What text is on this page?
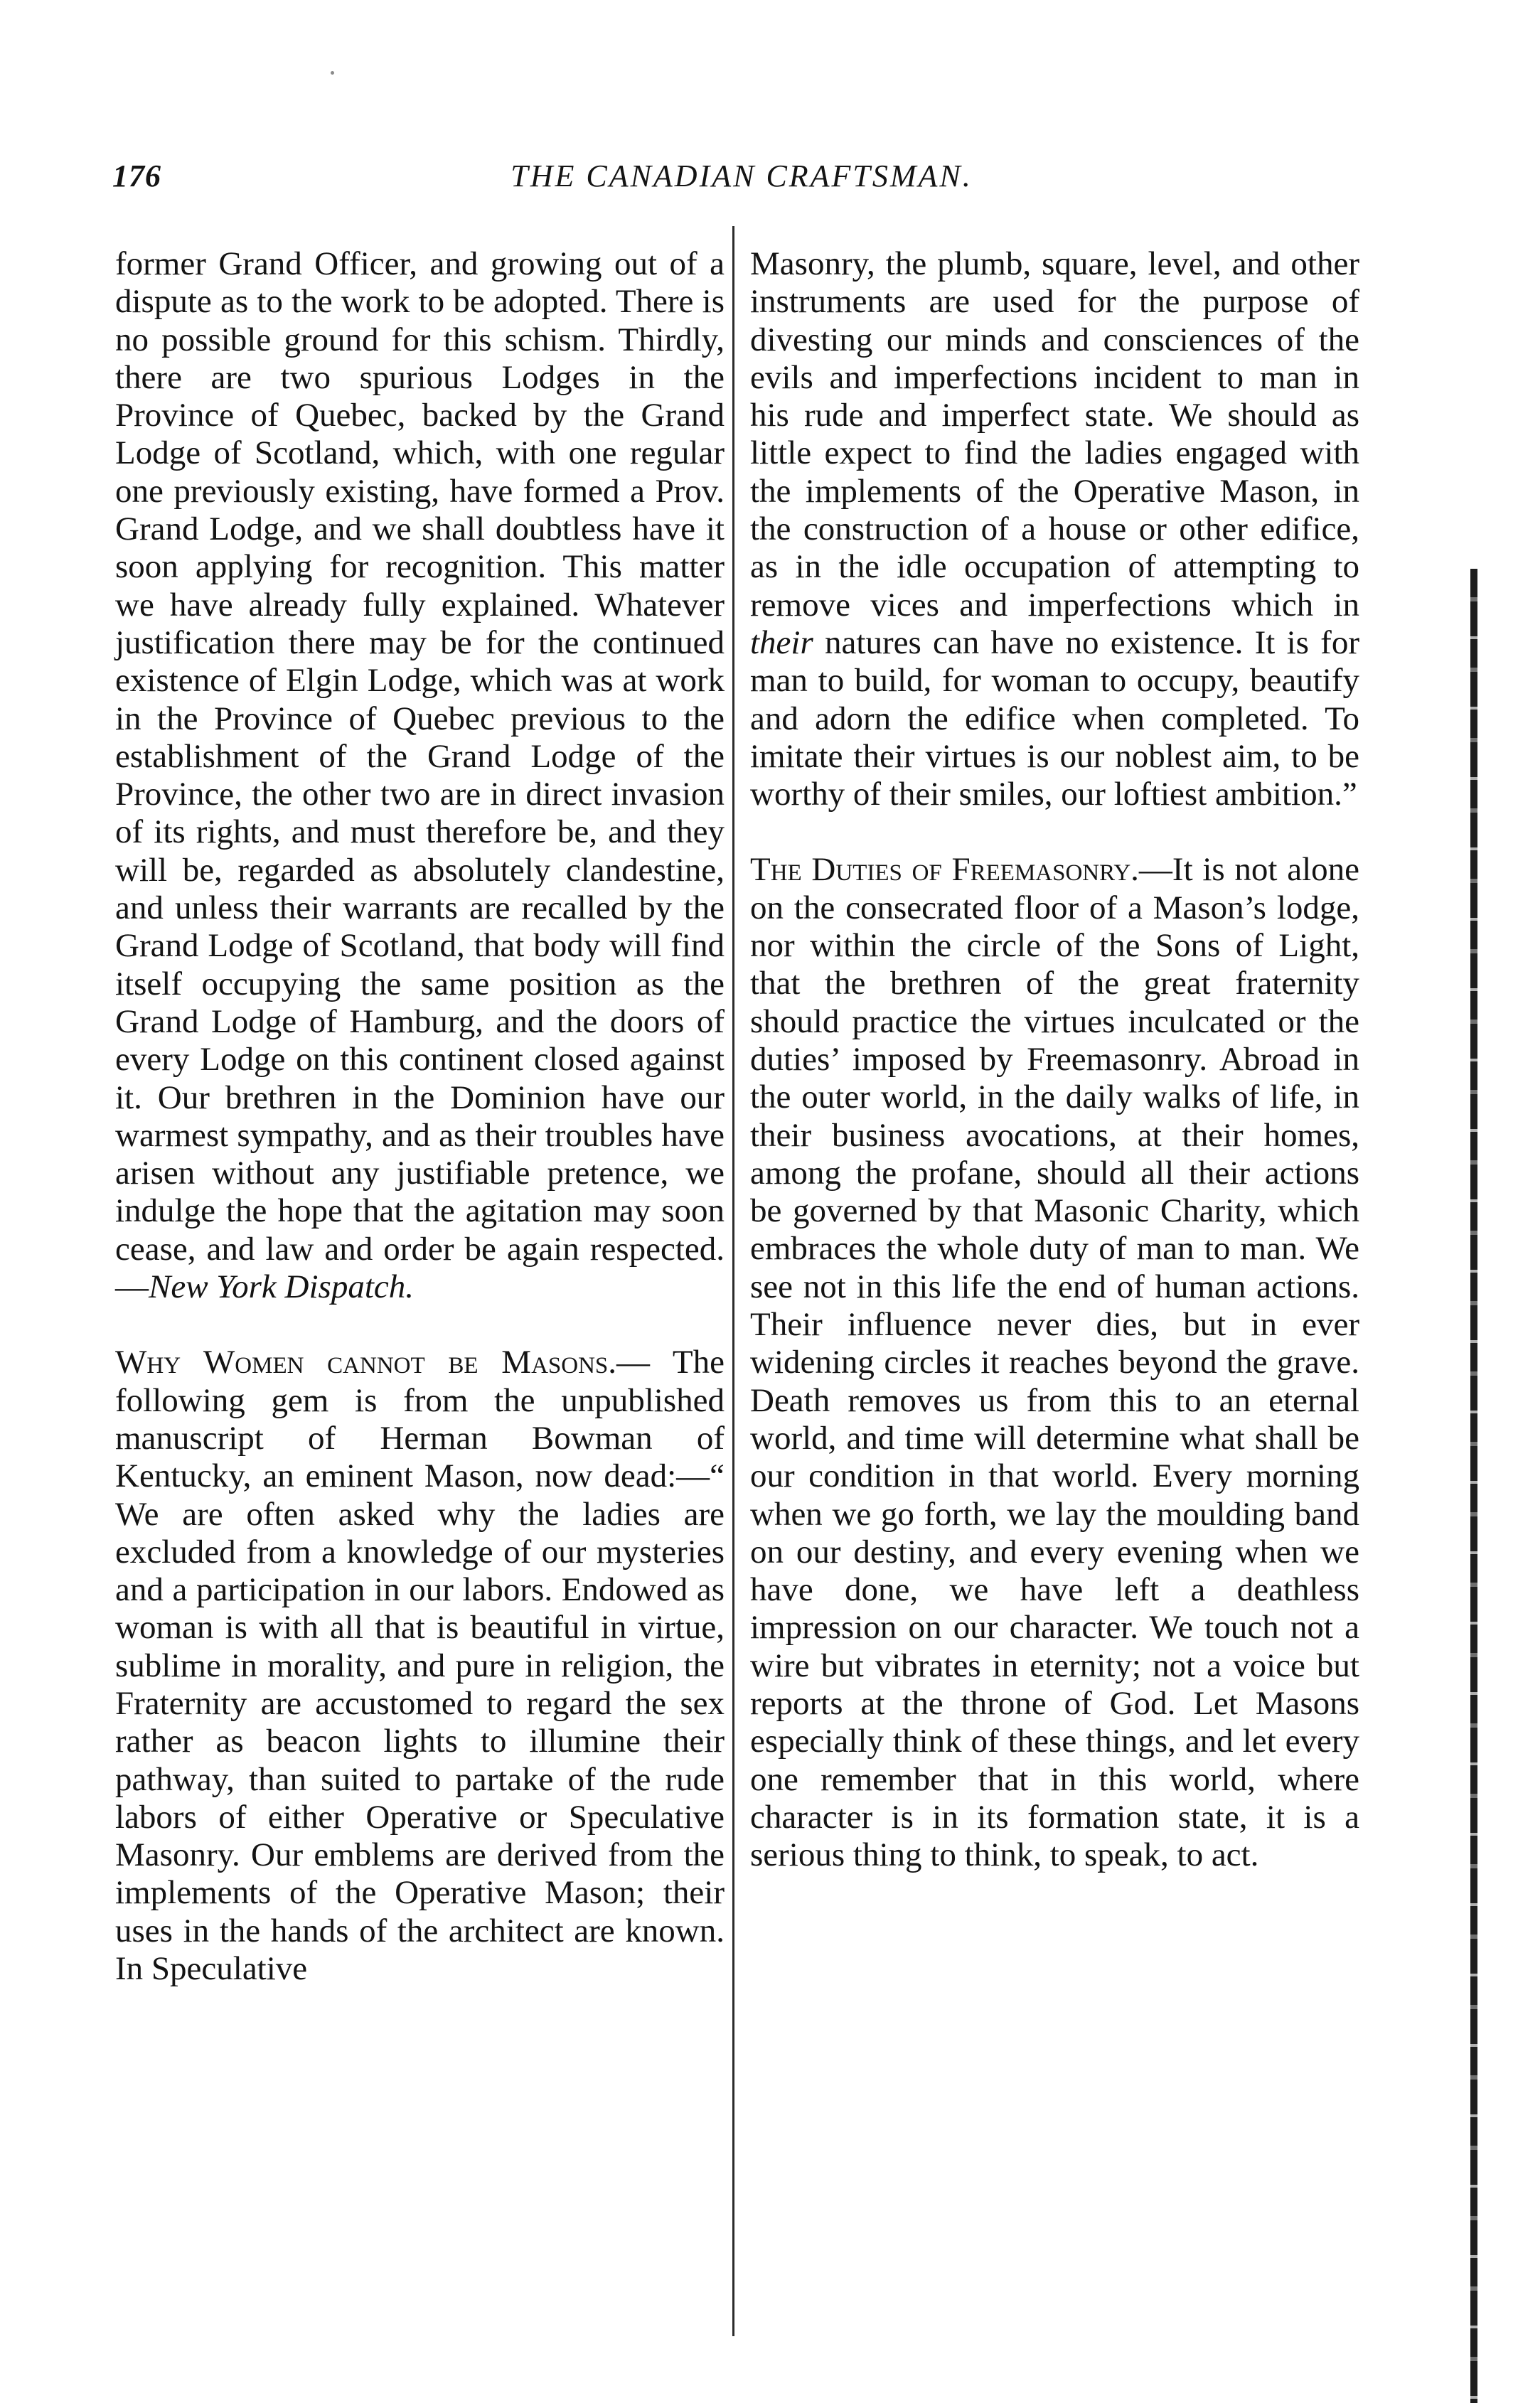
176	THE CANADIAN CRAFTSMAN.

former Grand Officer, and growing out of a dispute as to the work to be adopted. There is no possible ground for this schism. Thirdly, there are two spurious Lodges in the Province of Quebec, backed by the Grand Lodge of Scotland, which, with one regular one previously existing, have formed a Prov. Grand Lodge, and we shall doubtless have it soon applying for recognition. This matter we have already fully explained. Whatever justification there may be for the continued existence of Elgin Lodge, which was at work in the Province of Quebec previous to the establishment of the Grand Lodge of the Province, the other two are in direct invasion of its rights, and must therefore be, and they will be, regarded as absolutely clandestine, and unless their warrants are recalled by the Grand Lodge of Scotland, that body will find itself occupying the same position as the Grand Lodge of Hamburg, and the doors of every Lodge on this continent closed against it. Our brethren in the Dominion have our warmest sympathy, and as their troubles have arisen without any justifiable pretence, we indulge the hope that the agitation may soon cease, and law and order be again respected.—New York Dispatch.

Why Women cannot be Masons.— The following gem is from the unpublished manuscript of Herman Bowman of Kentucky, an eminent Mason, now dead:—“ We are often asked why the ladies are excluded from a knowledge of our mysteries and a participation in our labors. Endowed as woman is with all that is beautiful in virtue, sublime in morality, and pure in religion, the Fraternity are accustomed to regard the sex rather as beacon lights to illumine their pathway, than suited to partake of the rude labors of either Operative or Speculative Masonry. Our emblems are derived from the implements of the Operative Mason; their uses in the hands of the architect are known. In Speculative

Masonry, the plumb, square, level, and other instruments are used for the purpose of divesting our minds and consciences of the evils and imperfections incident to man in his rude and imperfect state. We should as little expect to find the ladies engaged with the implements of the Operative Mason, in the construction of a house or other edifice, as in the idle occupation of attempting to remove vices and imperfections which in their natures can have no existence. It is for man to build, for woman to occupy, beautify and adorn the edifice when completed. To imitate their virtues is our noblest aim, to be worthy of their smiles, our loftiest ambition.”

The Duties of Freemasonry.—It is not alone on the consecrated floor of a Mason’s lodge, nor within the circle of the Sons of Light, that the brethren of the great fraternity should practice the virtues inculcated or the duties’ imposed by Freemasonry. Abroad in the outer world, in the daily walks of life, in their business avocations, at their homes, among the profane, should all their actions be governed by that Masonic Charity, which embraces the whole duty of man to man. We see not in this life the end of human actions. Their influence never dies, but in ever widening circles it reaches beyond the grave. Death removes us from this to an eternal world, and time will determine what shall be our condition in that world. Every morning when we go forth, we lay the moulding band on our destiny, and every evening when we have done, we have left a deathless impression on our character. We touch not a wire but vibrates in eternity; not a voice but reports at the throne of God. Let Masons especially think of these things, and let every one remember that in this world, where character is in its formation state, it is a serious thing to think, to speak, to act.
